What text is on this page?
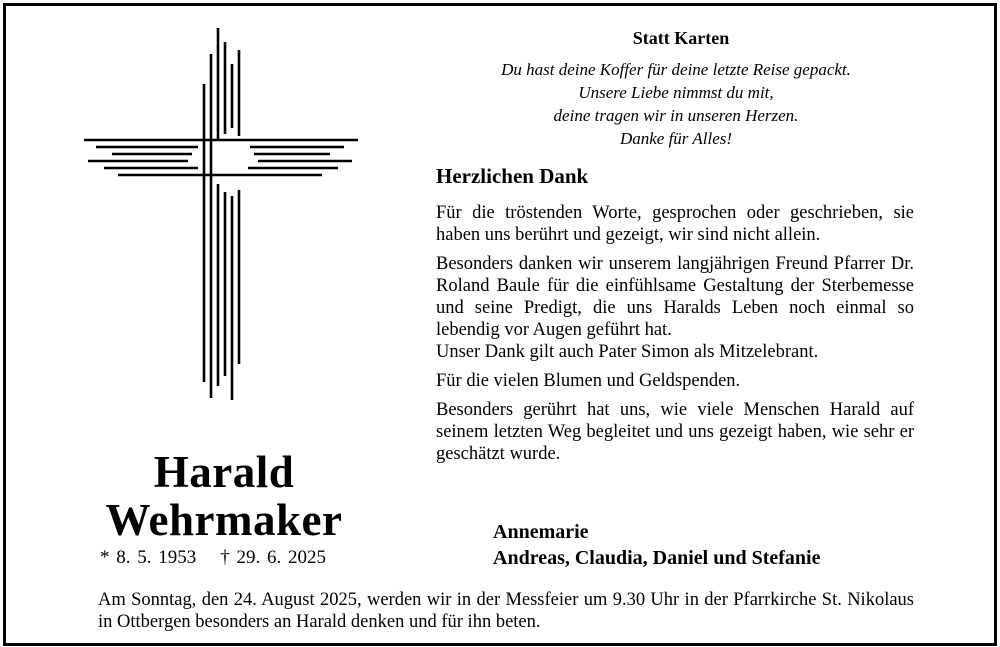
Harald
Wehrmaker
* 8. 5. 1953 † 29. 6. 2025
Statt Karten
Du hast deine Koffer für deine letzte Reise gepackt.
Unsere Liebe nimmst du mit,
deine tragen wir in unseren Herzen.
Danke für Alles!
Herzlichen Dank

Für die tröstenden Worte, gesprochen oder geschrieben, sie haben uns berührt und gezeigt, wir sind nicht allein.

Besonders danken wir unserem langjährigen Freund Pfarrer Dr. Roland Baule für die einfühlsame Gestaltung der Sterbemesse und seine Predigt, die uns Haralds Leben noch einmal so lebendig vor Augen geführt hat.

Unser Dank gilt auch Pater Simon als Mitzelebrant.

Für die vielen Blumen und Geldspenden.

Besonders gerührt hat uns, wie viele Menschen Harald auf seinem letzten Weg begleitet und uns gezeigt haben, wie sehr er geschätzt wurde.

Annemarie
Andreas, Claudia, Daniel und Stefanie
Am Sonntag, den 24. August 2025, werden wir in der Messfeier um 9.30 Uhr in der Pfarrkirche St. Nikolaus in Ottbergen besonders an Harald denken und für ihn beten.
